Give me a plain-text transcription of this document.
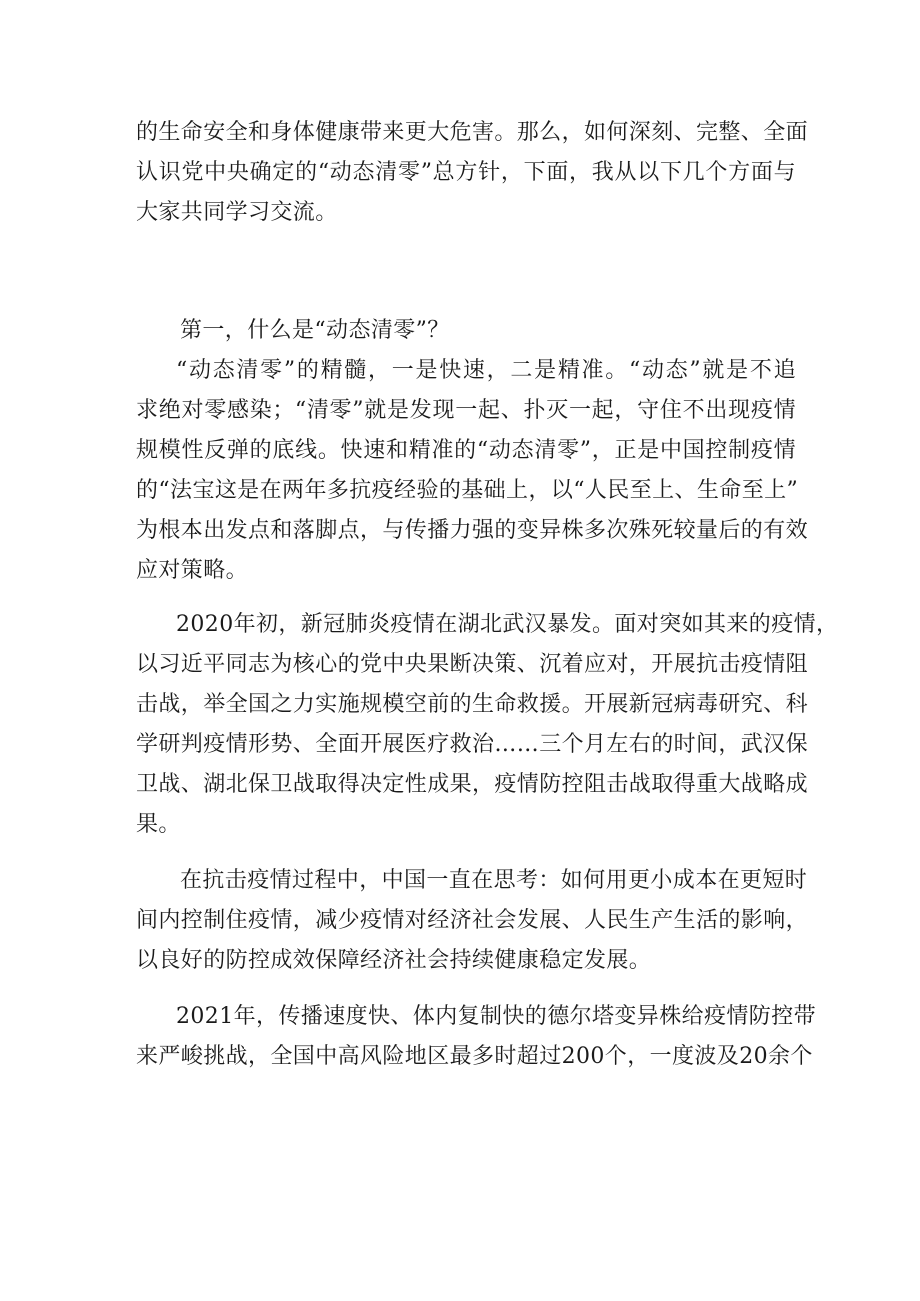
的生命安全和身体健康带来更大危害。那么，如何深刻、完整、全面
认识党中央确定的“动态清零”总方针，下面，我从以下几个方面与
大家共同学习交流。
第一，什么是“动态清零”？
“动态清零”的精髓，一是快速，二是精准。“动态”就是不追
求绝对零感染；“清零”就是发现一起、扑灭一起，守住不出现疫情
规模性反弹的底线。快速和精准的“动态清零”，正是中国控制疫情
的“法宝这是在两年多抗疫经验的基础上，以“人民至上、生命至上”
为根本出发点和落脚点，与传播力强的变异株多次殊死较量后的有效
应对策略。
2020年初，新冠肺炎疫情在湖北武汉暴发。面对突如其来的疫情，
以习近平同志为核心的党中央果断决策、沉着应对，开展抗击疫情阻
击战，举全国之力实施规模空前的生命救援。开展新冠病毒研究、科
学研判疫情形势、全面开展医疗救治……三个月左右的时间，武汉保
卫战、湖北保卫战取得决定性成果，疫情防控阻击战取得重大战略成
果。
在抗击疫情过程中，中国一直在思考：如何用更小成本在更短时
间内控制住疫情，减少疫情对经济社会发展、人民生产生活的影响，
以良好的防控成效保障经济社会持续健康稳定发展。
2021年，传播速度快、体内复制快的德尔塔变异株给疫情防控带
来严峻挑战，全国中高风险地区最多时超过200个，一度波及20余个
